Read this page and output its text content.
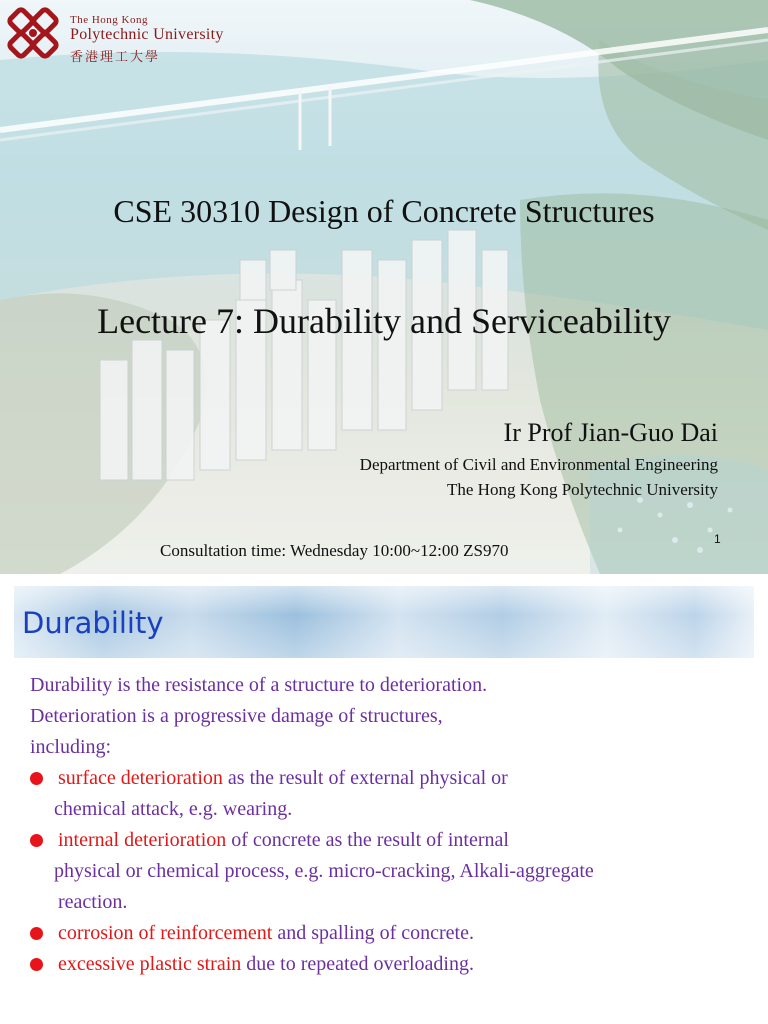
The Hong Kong
Polytechnic University
香港理工大學
CSE 30310 Design of Concrete Structures
Lecture 7: Durability and Serviceability
Ir Prof Jian-Guo Dai
Department of Civil and Environmental Engineering
The Hong Kong Polytechnic University
Consultation time: Wednesday 10:00~12:00 ZS970
1
Durability
Durability is the resistance of a structure to deterioration.
Deterioration is a progressive damage of structures,
including:
surface deterioration as the result of external physical or
chemical attack, e.g. wearing.
internal deterioration of concrete as the result of internal
physical or chemical process, e.g. micro-cracking, Alkali-aggregate
reaction.
corrosion of reinforcement and spalling of concrete.
excessive plastic strain due to repeated overloading.
